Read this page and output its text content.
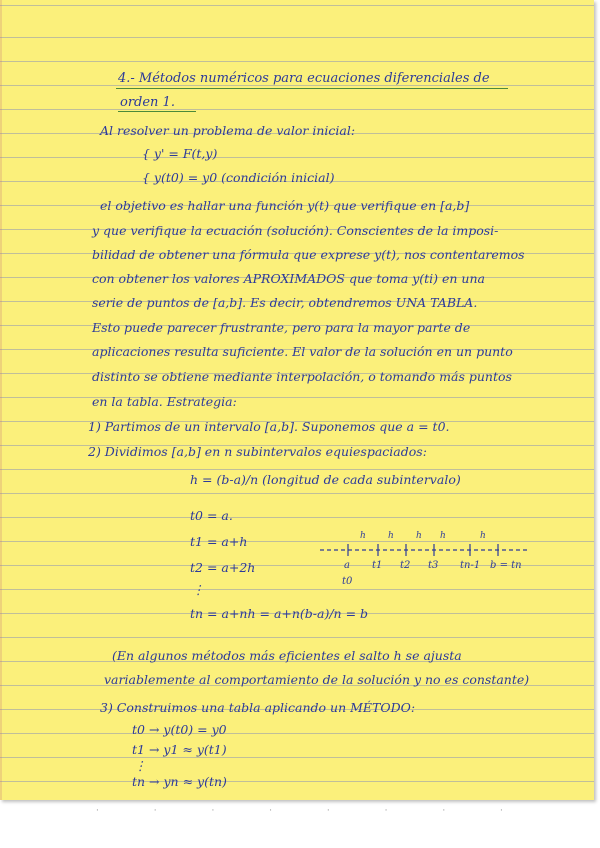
4.- Métodos numéricos para ecuaciones diferenciales de
orden 1.
Al resolver un problema de valor inicial:
{ y' = F(t,y)
{ y(t0) = y0 (condición inicial)
el objetivo es hallar una función y(t) que verifique en [a,b]
y que verifique la ecuación (solución). Conscientes de la imposi-
bilidad de obtener una fórmula que exprese y(t), nos contentaremos
con obtener los valores APROXIMADOS que toma y(ti) en una
serie de puntos de [a,b]. Es decir, obtendremos UNA TABLA.
Esto puede parecer frustrante, pero para la mayor parte de
aplicaciones resulta suficiente. El valor de la solución en un punto
distinto se obtiene mediante interpolación, o tomando más puntos
en la tabla. Estrategia:
1) Partimos de un intervalo [a,b]. Suponemos que a = t0.
2) Dividimos [a,b] en n subintervalos equiespaciados:
h = (b-a)/n (longitud de cada subintervalo)
t0 = a.
t1 = a+h
t2 = a+2h
⋮
tn = a+nh = a+n(b-a)/n = b
h h h h	h
a t1 t2 t3 tn-1 b = tn
t0
(En algunos métodos más eficientes el salto h se ajusta
variablemente al comportamiento de la solución y no es constante)
3) Construimos una tabla aplicando un MÉTODO:
t0 → y(t0) = y0
t1 → y1 ≈ y(t1)
⋮
tn → yn ≈ y(tn)
· · · · · · · ·
